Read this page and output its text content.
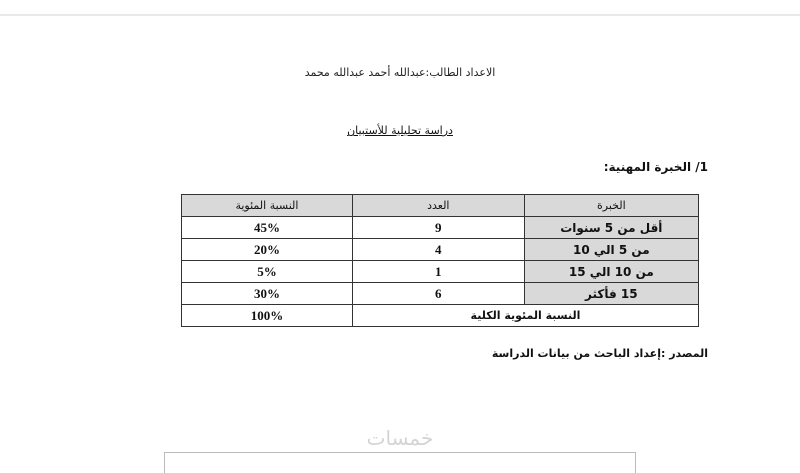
الاعداد الطالب:عبدالله أحمد عبدالله محمد
دراسة تحليلية للأستبيان
1/ الخبرة المهنية:
الخبرة	العدد	النسبة المئوية
أقل من 5 سنوات	9	45%
من 5 الي 10	4	20%
من 10 الي 15	1	5%
15 فأكثر	6	30%
النسبة المئوية الكلية		100%
المصدر :إعداد الباحث من بيانات الدراسة
خمسات
